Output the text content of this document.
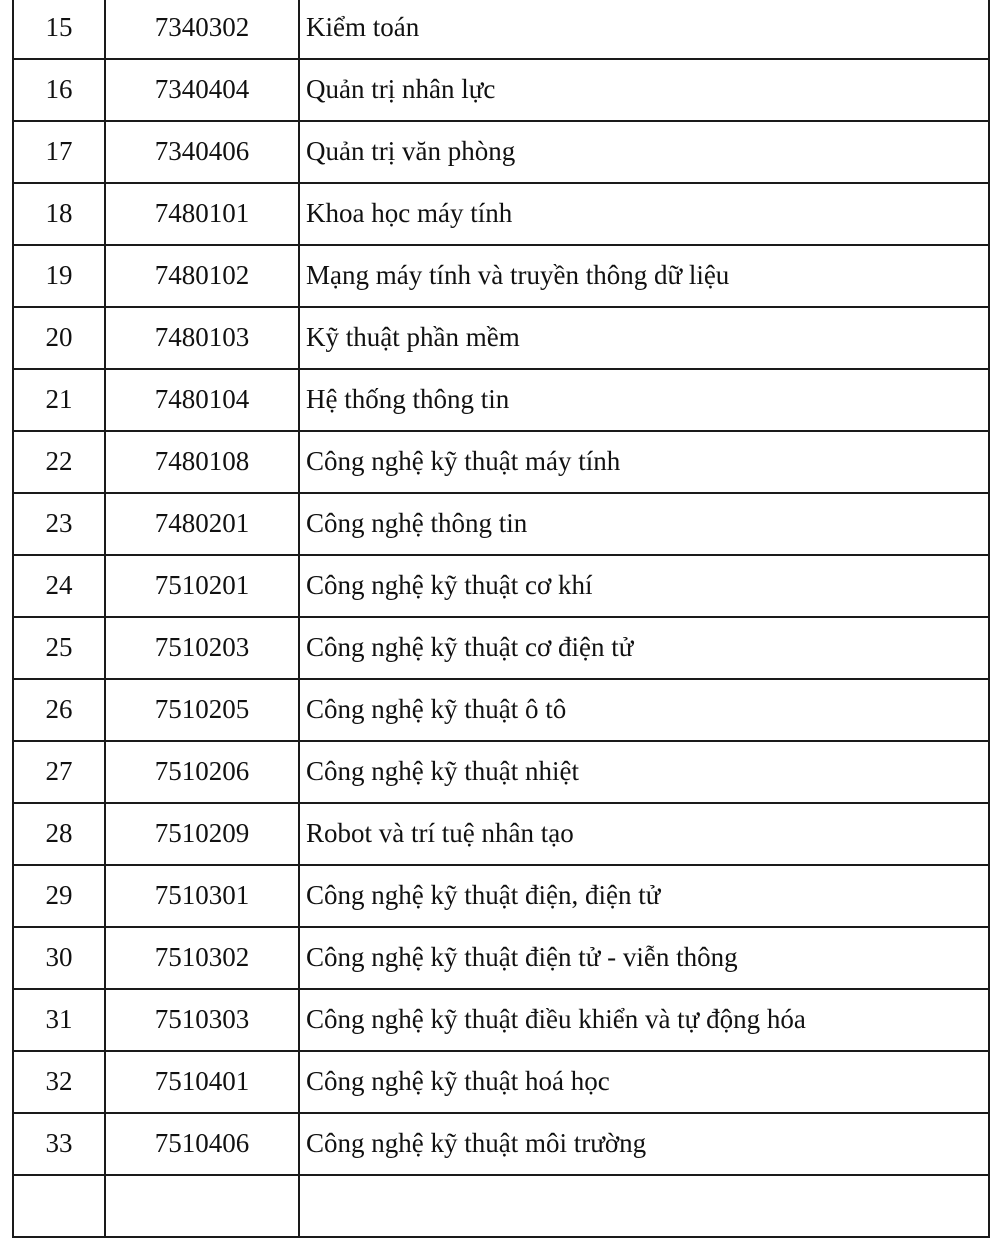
15	7340302	Kiểm toán
16	7340404	Quản trị nhân lực
17	7340406	Quản trị văn phòng
18	7480101	Khoa học máy tính
19	7480102	Mạng máy tính và truyền thông dữ liệu
20	7480103	Kỹ thuật phần mềm
21	7480104	Hệ thống thông tin
22	7480108	Công nghệ kỹ thuật máy tính
23	7480201	Công nghệ thông tin
24	7510201	Công nghệ kỹ thuật cơ khí
25	7510203	Công nghệ kỹ thuật cơ điện tử
26	7510205	Công nghệ kỹ thuật ô tô
27	7510206	Công nghệ kỹ thuật nhiệt
28	7510209	Robot và trí tuệ nhân tạo
29	7510301	Công nghệ kỹ thuật điện, điện tử
30	7510302	Công nghệ kỹ thuật điện tử - viễn thông
31	7510303	Công nghệ kỹ thuật điều khiển và tự động hóa
32	7510401	Công nghệ kỹ thuật hoá học
33	7510406	Công nghệ kỹ thuật môi trường
